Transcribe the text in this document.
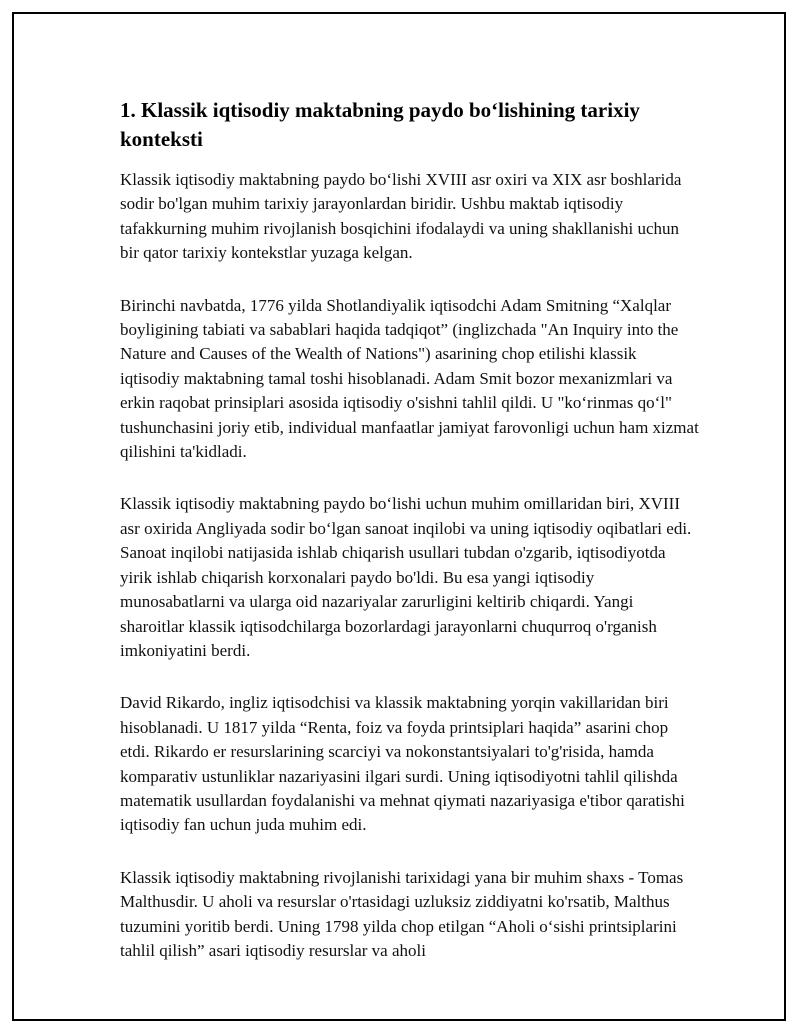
1. Klassik iqtisodiy maktabning paydo boʻlishining tarixiy konteksti

Klassik iqtisodiy maktabning paydo boʻlishi XVIII asr oxiri va XIX asr boshlarida sodir bo'lgan muhim tarixiy jarayonlardan biridir. Ushbu maktab iqtisodiy tafakkurning muhim rivojlanish bosqichini ifodalaydi va uning shakllanishi uchun bir qator tarixiy kontekstlar yuzaga kelgan.

Birinchi navbatda, 1776 yilda Shotlandiyalik iqtisodchi Adam Smitning “Xalqlar boyligining tabiati va sabablari haqida tadqiqot” (inglizchada "An Inquiry into the Nature and Causes of the Wealth of Nations") asarining chop etilishi klassik iqtisodiy maktabning tamal toshi hisoblanadi. Adam Smit bozor mexanizmlari va erkin raqobat prinsiplari asosida iqtisodiy o'sishni tahlil qildi. U "koʻrinmas qoʻl" tushunchasini joriy etib, individual manfaatlar jamiyat farovonligi uchun ham xizmat qilishini ta'kidladi.

Klassik iqtisodiy maktabning paydo boʻlishi uchun muhim omillaridan biri, XVIII asr oxirida Angliyada sodir boʻlgan sanoat inqilobi va uning iqtisodiy oqibatlari edi. Sanoat inqilobi natijasida ishlab chiqarish usullari tubdan o'zgarib, iqtisodiyotda yirik ishlab chiqarish korxonalari paydo bo'ldi. Bu esa yangi iqtisodiy munosabatlarni va ularga oid nazariyalar zarurligini keltirib chiqardi. Yangi sharoitlar klassik iqtisodchilarga bozorlardagi jarayonlarni chuqurroq o'rganish imkoniyatini berdi.

David Rikardo, ingliz iqtisodchisi va klassik maktabning yorqin vakillaridan biri hisoblanadi. U 1817 yilda “Renta, foiz va foyda printsiplari haqida” asarini chop etdi. Rikardo er resurslarining scarciyi va nokonstantsiyalari to'g'risida, hamda komparativ ustunliklar nazariyasini ilgari surdi. Uning iqtisodiyotni tahlil qilishda matematik usullardan foydalanishi va mehnat qiymati nazariyasiga e'tibor qaratishi iqtisodiy fan uchun juda muhim edi.

Klassik iqtisodiy maktabning rivojlanishi tarixidagi yana bir muhim shaxs - Tomas Malthusdir. U aholi va resurslar o'rtasidagi uzluksiz ziddiyatni ko'rsatib, Malthus tuzumini yoritib berdi. Uning 1798 yilda chop etilgan “Aholi oʻsishi printsiplarini tahlil qilish” asari iqtisodiy resurslar va aholi
